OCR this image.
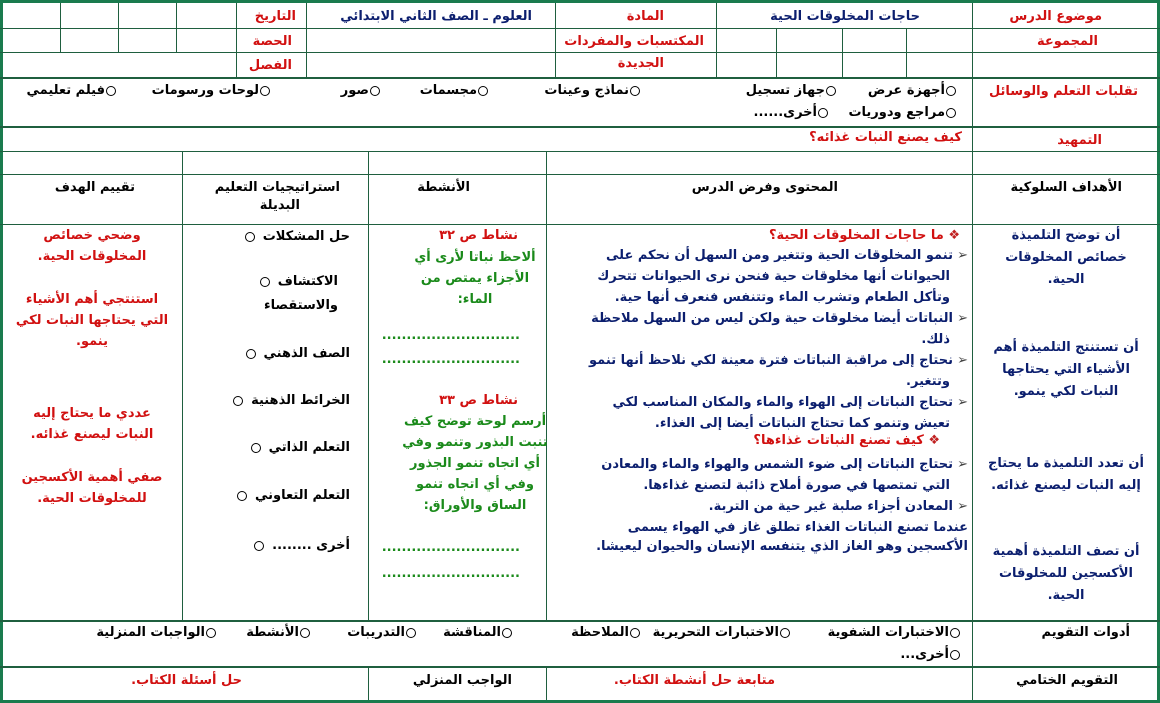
موضوع الدرس
حاجات المخلوقات الحية
المادة
العلوم ـ الصف الثاني الابتدائي
التاريخ
المجموعة
المكتسبات والمفردات
الجديدة
الحصة
الفصل
تقلبات التعلم والوسائل
أجهزة عرض
جهاز تسجيل
نماذج وعينات
مجسمات
صور
لوحات ورسومات
فيلم تعليمي
مراجع ودوريات
أخرى......
التمهيد
كيف يصنع النبات غذائه؟
الأهداف السلوكية
المحتوى وفرض الدرس
الأنشطة
استراتيجيات التعليم
البديلة
تقييم الهدف
أن توضح التلميذة
خصائص المخلوقات
الحية.
أن تستنتج التلميذة أهم
الأشياء التي يحتاجها
النبات لكي ينمو.
أن تعدد التلميذة ما يحتاج
إليه النبات ليصنع غذائه.
أن تصف التلميذة أهمية
الأكسجين للمخلوقات
الحية.
❖ ما حاجات المخلوقات الحية؟
➢ تنمو المخلوقات الحية وتتغير ومن السهل أن نحكم على
الحيوانات أنها مخلوقات حية فنحن نرى الحيوانات تتحرك
وتأكل الطعام وتشرب الماء وتتنفس فنعرف أنها حية.
➢ النباتات أيضا مخلوقات حية ولكن ليس من السهل ملاحظة
ذلك.
➢ نحتاج إلى مراقبة النباتات فترة معينة لكي نلاحظ أنها تنمو
وتتغير.
➢ تحتاج النباتات إلى الهواء والماء والمكان المناسب لكي
تعيش وتنمو كما تحتاج النباتات أيضا إلى الغذاء.
❖ كيف تصنع النباتات غذاءها؟
➢ تحتاج النباتات إلى ضوء الشمس والهواء والماء والمعادن
التي تمتصها في صورة أملاح ذائبة لتصنع غذاءها.
➢ المعادن أجزاء صلبة غير حية من التربة.
عندما تصنع النباتات الغذاء تطلق غاز في الهواء يسمى
الأكسجين وهو الغاز الذي يتنفسه الإنسان والحيوان ليعيشا.
نشاط ص ٣٢
ألاحظ نباتا لأرى أي
الأجزاء يمتص من
الماء:
............................
............................
نشاط ص ٣٣
أرسم لوحة توضح كيف
تنبت البذور وتنمو وفي
أي اتجاه تنمو الجذور
وفي أي اتجاه تنمو
الساق والأوراق:
............................
............................
حل المشكلات
الاكتشاف
والاستقصاء
الصف الذهني
الخرائط الذهنية
التعلم الذاتي
التعلم التعاوني
أخرى ........
وضحي خصائص
المخلوقات الحية.
استنتجي أهم الأشياء
التي يحتاجها النبات لكي
ينمو.
عددي ما يحتاج إليه
النبات ليصنع غذائه.
صفي أهمية الأكسجين
للمخلوقات الحية.
أدوات التقويم
الاختبارات الشفوية
الاختبارات التحريرية
الملاحظة
المناقشة
التدريبات
الأنشطة
الواجبات المنزلية
أخرى...
التقويم الختامي
متابعة حل أنشطة الكتاب.
الواجب المنزلي
حل أسئلة الكتاب.
